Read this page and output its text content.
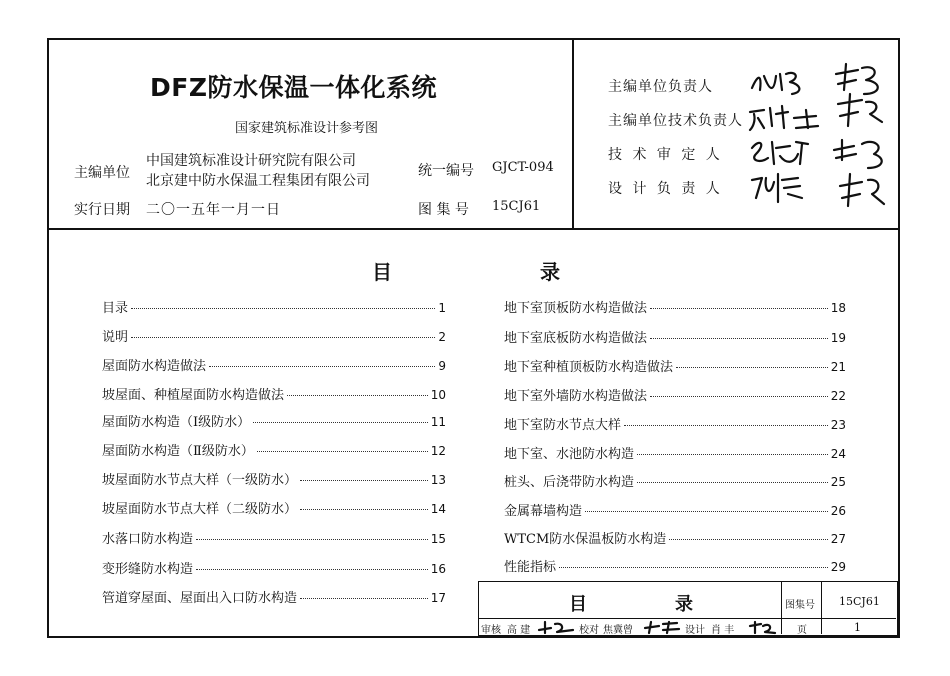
DFZ防水保温一体化系统
国家建筑标准设计参考图
主编单位
中国建筑标准设计研究院有限公司
北京建中防水保温工程集团有限公司
统一编号 GJCT-094
实行日期 二〇一五年一月一日	图 集 号 15CJ61
主编单位负责人
主编单位技术负责人
技 术 审 定 人
设 计 负 责 人
目	录
目录	1
说明	2
屋面防水构造做法	9
坡屋面、种植屋面防水构造做法	10
屋面防水构造（Ⅰ级防水）	11
屋面防水构造（Ⅱ级防水）	12
坡屋面防水节点大样（一级防水）	13
坡屋面防水节点大样（二级防水）	14
水落口防水构造	15
变形缝防水构造	16
管道穿屋面、屋面出入口防水构造	17
地下室顶板防水构造做法	18
地下室底板防水构造做法	19
地下室种植顶板防水构造做法	21
地下室外墙防水构造做法	22
地下室防水节点大样	23
地下室、水池防水构造	24
桩头、后浇带防水构造	25
金属幕墙构造	26
WTCM防水保温板防水构造	27
性能指标	29
目	录	图集号 15CJ61
页	1
审核 高 建	校对 焦冀曾	设计 肖 丰
